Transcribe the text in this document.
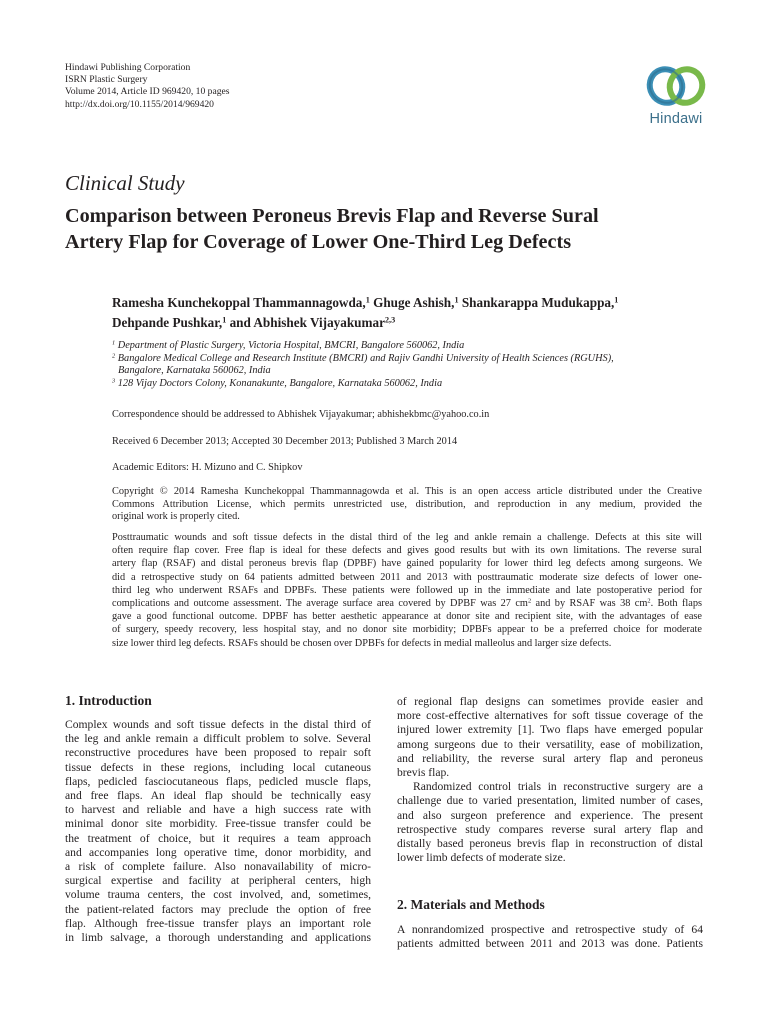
Hindawi Publishing Corporation
ISRN Plastic Surgery
Volume 2014, Article ID 969420, 10 pages
http://dx.doi.org/10.1155/2014/969420
Hindawi
Clinical Study
Comparison between Peroneus Brevis Flap and Reverse Sural
Artery Flap for Coverage of Lower One-Third Leg Defects
Ramesha Kunchekoppal Thammannagowda,$^1$ Ghuge Ashish,$^1$ Shankarappa Mudukappa,$^1$
Dehpande Pushkar,$^1$ and Abhishek Vijayakumar$^{2,3}$
$^1$ Department of Plastic Surgery, Victoria Hospital, BMCRI, Bangalore 560062, India
$^2$ Bangalore Medical College and Research Institute (BMCRI) and Rajiv Gandhi University of Health Sciences (RGUHS),
Bangalore, Karnataka 560062, India
$^3$ 128 Vijay Doctors Colony, Konanakunte, Bangalore, Karnataka 560062, India
Correspondence should be addressed to Abhishek Vijayakumar; abhishekbmc@yahoo.co.in
Received 6 December 2013; Accepted 30 December 2013; Published 3 March 2014
Academic Editors: H. Mizuno and C. Shipkov
Copyright © 2014 Ramesha Kunchekoppal Thammannagowda et al. This is an open access article distributed under the Creative
Commons Attribution License, which permits unrestricted use, distribution, and reproduction in any medium, provided the
original work is properly cited.
Posttraumatic wounds and soft tissue defects in the distal third of the leg and ankle remain a challenge. Defects at this site will
often require flap cover. Free flap is ideal for these defects and gives good results but with its own limitations. The reverse sural
artery flap (RSAF) and distal peroneus brevis flap (DPBF) have gained popularity for lower third leg defects among surgeons. We
did a retrospective study on 64 patients admitted between 2011 and 2013 with posttraumatic moderate size defects of lower one-
third leg who underwent RSAFs and DPBFs. These patients were followed up in the immediate and late postoperative period for
complications and outcome assessment. The average surface area covered by DPBF was 27 $cm^2$ and by RSAF was 38 $cm^2$. Both flaps
gave a good functional outcome. DPBF has better aesthetic appearance at donor site and recipient site, with the advantages of ease
of surgery, speedy recovery, less hospital stay, and no donor site morbidity; DPBFs appear to be a preferred choice for moderate
size lower third leg defects. RSAFs should be chosen over DPBFs for defects in medial malleolus and larger size defects.
1. Introduction
Complex wounds and soft tissue defects in the distal third of
the leg and ankle remain a difficult problem to solve. Several
reconstructive procedures have been proposed to repair soft
tissue defects in these regions, including local cutaneous
flaps, pedicled fasciocutaneous flaps, pedicled muscle flaps,
and free flaps. An ideal flap should be technically easy
to harvest and reliable and have a high success rate with
minimal donor site morbidity. Free-tissue transfer could be
the treatment of choice, but it requires a team approach
and accompanies long operative time, donor morbidity, and
a risk of complete failure. Also nonavailability of micro-
surgical expertise and facility at peripheral centers, high
volume trauma centers, the cost involved, and, sometimes,
the patient-related factors may preclude the option of free
flap. Although free-tissue transfer plays an important role
in limb salvage, a thorough understanding and applications
of regional flap designs can sometimes provide easier and
more cost-effective alternatives for soft tissue coverage of the
injured lower extremity [1]. Two flaps have emerged popular
among surgeons due to their versatility, ease of mobilization,
and reliability, the reverse sural artery flap and peroneus
brevis flap.
Randomized control trials in reconstructive surgery are a
challenge due to varied presentation, limited number of cases,
and also surgeon preference and experience. The present
retrospective study compares reverse sural artery flap and
distally based peroneus brevis flap in reconstruction of distal
lower limb defects of moderate size.
2. Materials and Methods
A nonrandomized prospective and retrospective study of 64
patients admitted between 2011 and 2013 was done. Patients
